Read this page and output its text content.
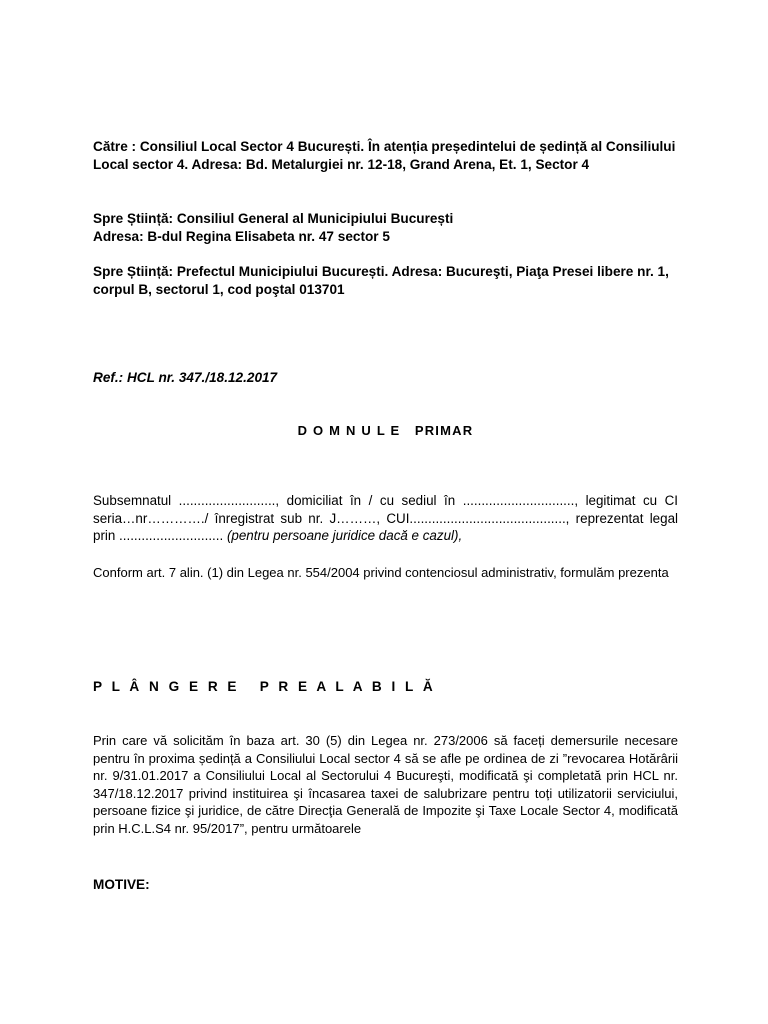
Către : Consiliul Local Sector 4 București. În atenția președintelui de ședință al Consiliului Local sector 4. Adresa: Bd. Metalurgiei nr. 12-18, Grand Arena, Et. 1, Sector 4
Spre Știință: Consiliul General al Municipiului București
Adresa: B-dul Regina Elisabeta nr. 47 sector 5
Spre Știință: Prefectul Municipiului București. Adresa: Bucureşti, Piaţa Presei libere nr. 1, corpul B, sectorul 1, cod poştal 013701
Ref.: HCL nr. 347./18.12.2017
D O M N U L E   PRIMAR
Subsemnatul .........................., domiciliat în / cu sediul în .............................., legitimat cu CI seria…nr…………./ înregistrat sub nr. J………, CUI.........................................., reprezentat legal prin ............................ (pentru persoane juridice dacă e cazul),
Conform art. 7 alin. (1) din Legea nr. 554/2004 privind contenciosul administrativ, formulăm prezenta
P L Â N G E R E   P R E A L A B I L Ă
Prin care vă solicităm în baza art. 30 (5) din Legea nr. 273/2006 să faceți demersurile necesare pentru în proxima ședință a Consiliului Local sector 4 să se afle pe ordinea de zi ”revocarea Hotărârii nr. 9/31.01.2017 a Consiliului Local al Sectorului 4 Bucureşti, modificată şi completată prin HCL nr. 347/18.12.2017 privind instituirea şi încasarea taxei de salubrizare pentru toți utilizatorii serviciului, persoane fizice şi juridice, de către Direcţia Generală de Impozite şi Taxe Locale Sector 4, modificată prin H.C.L.S4 nr. 95/2017”, pentru următoarele
MOTIVE:
